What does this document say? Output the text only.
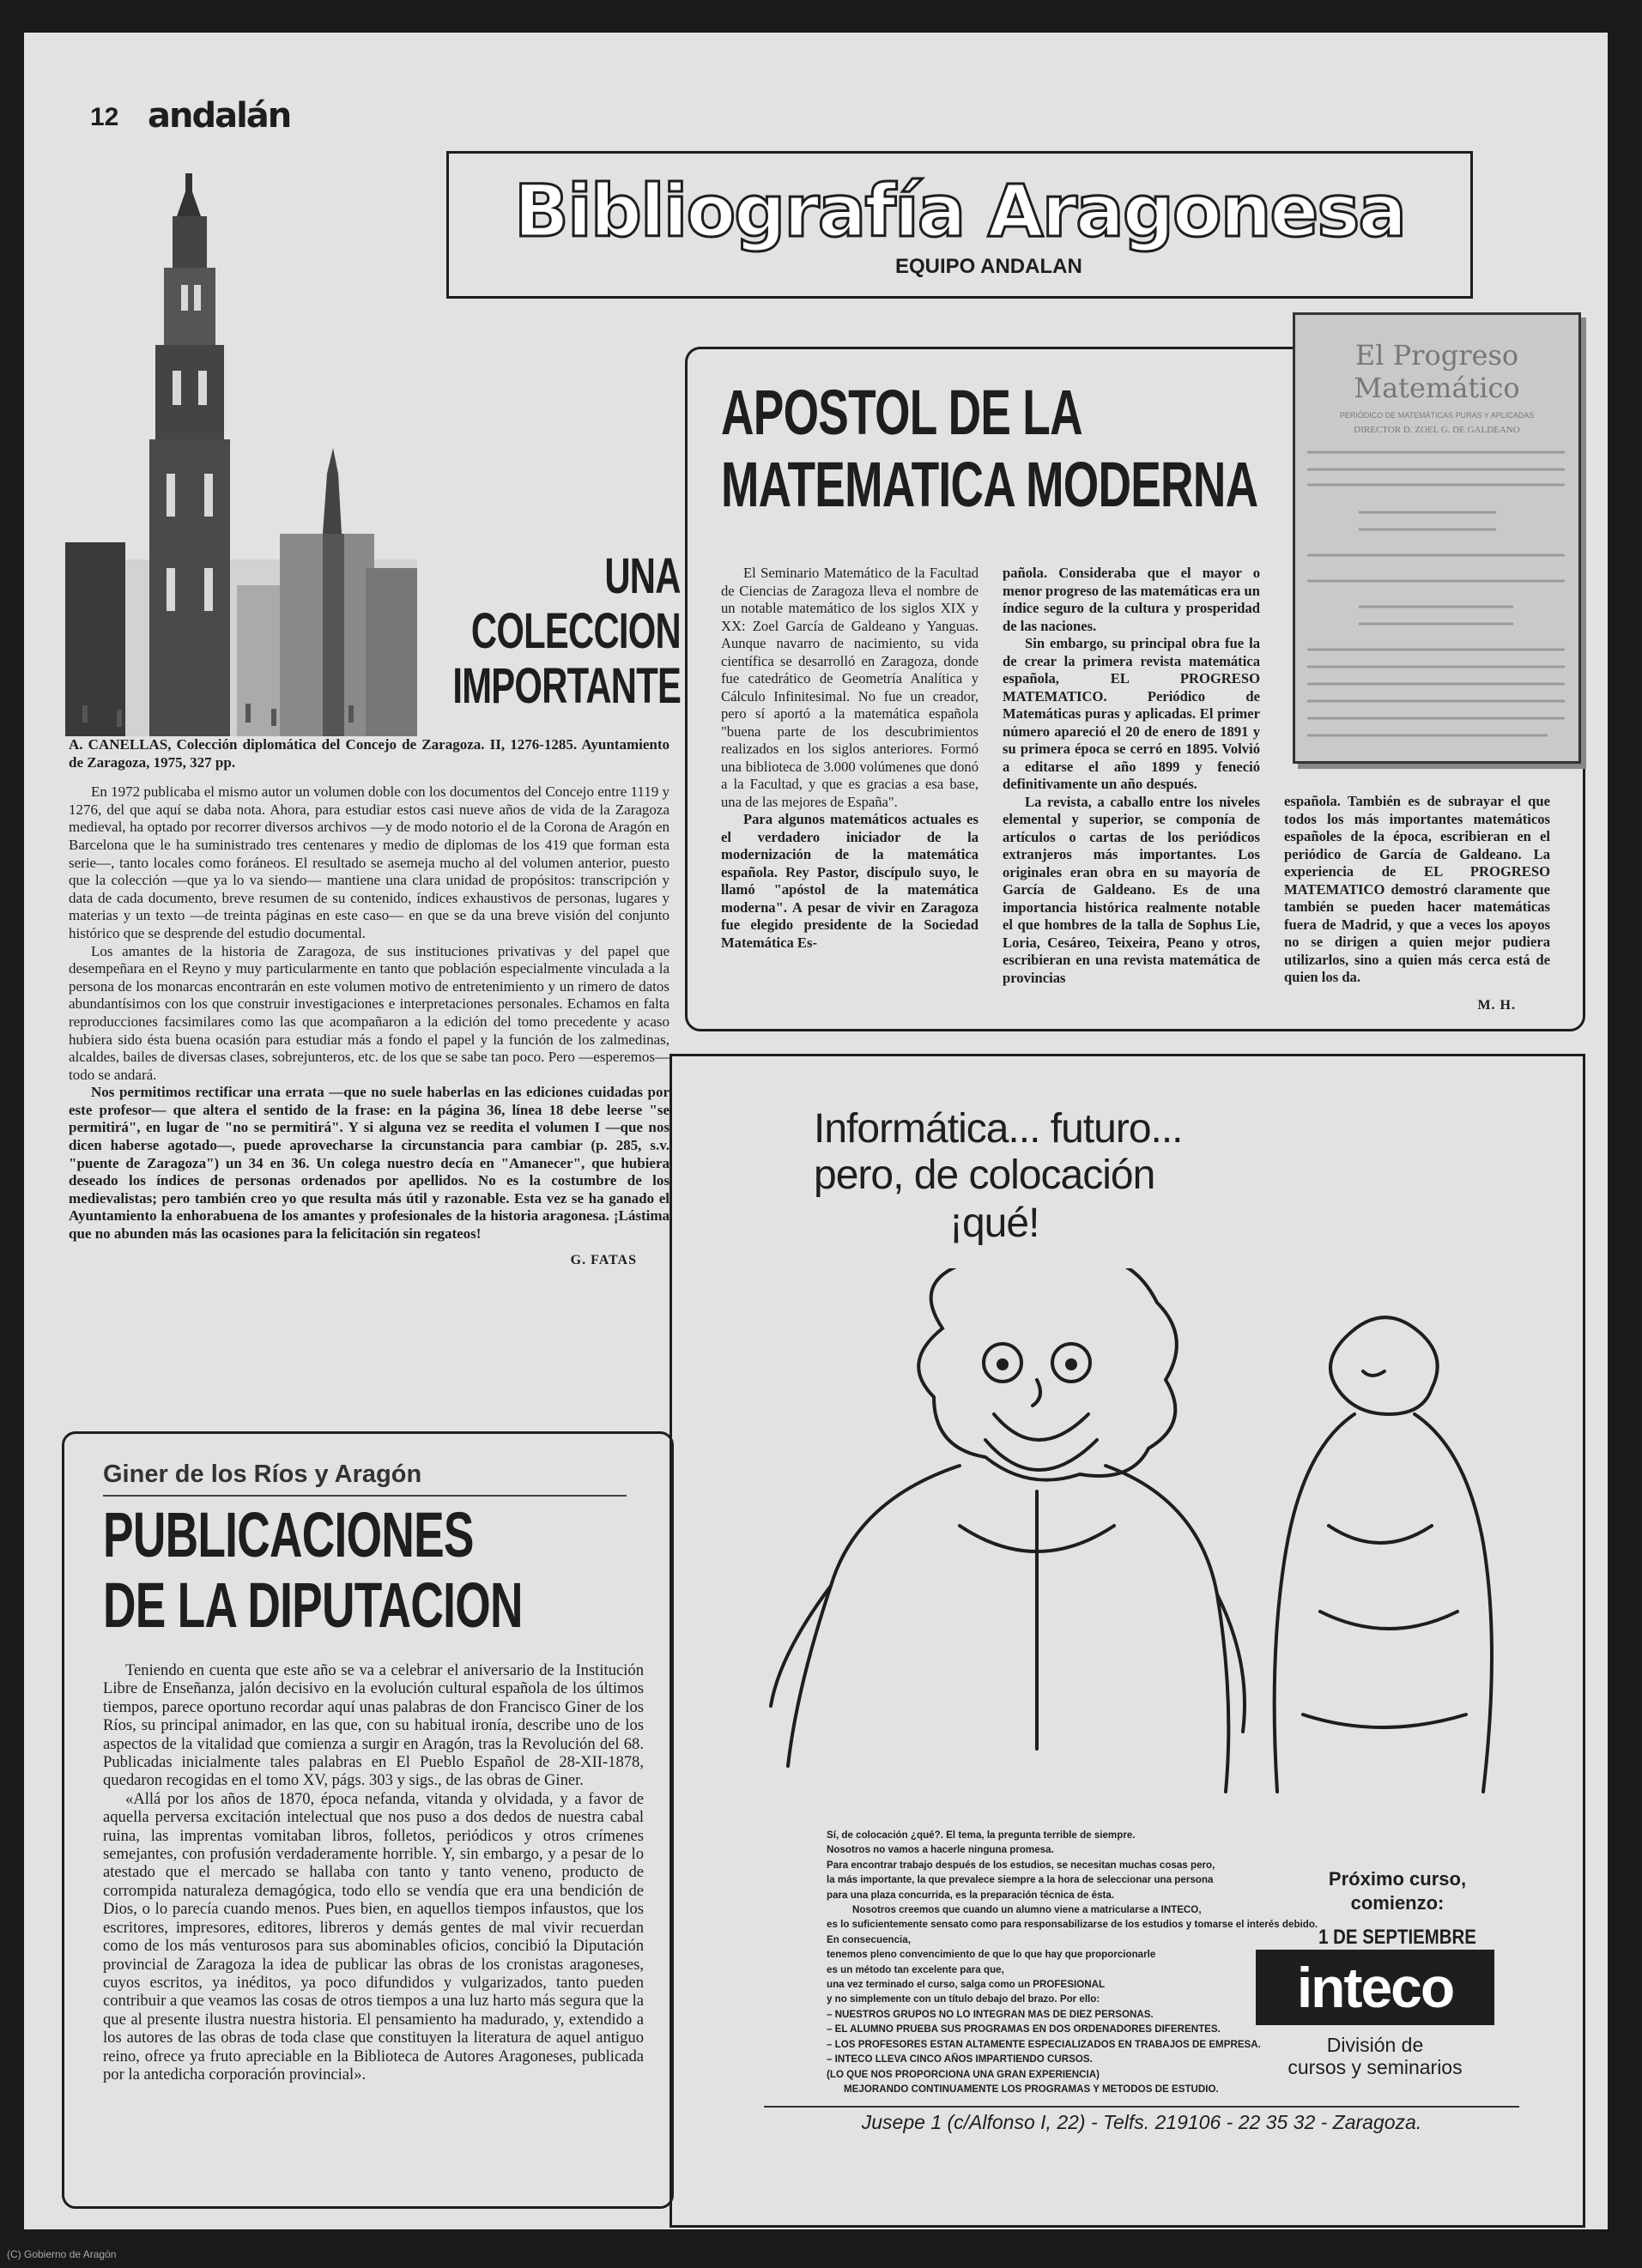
12 andalán
Bibliografía Aragonesa
EQUIPO ANDALAN
UNA
COLECCION
IMPORTANTE
A. CANELLAS, Colección diplomática del Concejo de Zaragoza. II, 1276-1285. Ayuntamiento de Zaragoza, 1975, 327 pp.

En 1972 publicaba el mismo autor un volumen doble con los documentos del Concejo entre 1119 y 1276, del que aquí se daba nota. Ahora, para estudiar estos casi nueve años de vida de la Zaragoza medieval, ha optado por recorrer diversos archivos —y de modo notorio el de la Corona de Aragón en Barcelona que le ha suministrado tres centenares y medio de diplomas de los 419 que forman esta serie—, tanto locales como foráneos. El resultado se asemeja mucho al del volumen anterior, puesto que la colección —que ya lo va siendo— mantiene una clara unidad de propósitos: transcripción y data de cada documento, breve resumen de su contenido, índices exhaustivos de personas, lugares y materias y un texto —de treinta páginas en este caso— en que se da una breve visión del conjunto histórico que se desprende del estudio documental.

Los amantes de la historia de Zaragoza, de sus instituciones privativas y del papel que desempeñara en el Reyno y muy particularmente en tanto que población especialmente vinculada a la persona de los monarcas encontrarán en este volumen motivo de entretenimiento y un rimero de datos abundantísimos con los que construir investigaciones e interpretaciones personales. Echamos en falta reproducciones facsimilares como las que acompañaron a la edición del tomo precedente y acaso hubiera sido ésta buena ocasión para estudiar más a fondo el papel y la función de los zalmedinas, alcaldes, bailes de diversas clases, sobrejunteros, etc. de los que se sabe tan poco. Pero —esperemos— todo se andará.

Nos permitimos rectificar una errata —que no suele haberlas en las ediciones cuidadas por este profesor— que altera el sentido de la frase: en la página 36, línea 18 debe leerse "se permitirá", en lugar de "no se permitirá". Y si alguna vez se reedita el volumen I —que nos dicen haberse agotado—, puede aprovecharse la circunstancia para cambiar (p. 285, s.v. "puente de Zaragoza") un 34 en 36. Un colega nuestro decía en "Amanecer", que hubiera deseado los índices de personas ordenados por apellidos. No es la costumbre de los medievalistas; pero también creo yo que resulta más útil y razonable. Esta vez se ha ganado el Ayuntamiento la enhorabuena de los amantes y profesionales de la historia aragonesa. ¡Lástima que no abunden más las ocasiones para la felicitación sin regateos!

G. FATAS
APOSTOL DE LA
MATEMATICA MODERNA
El Progreso Matemático
PERIÓDICO DE MATEMÁTICAS PURAS Y APLICADAS
DIRECTOR D. ZOEL G. DE GALDEANO

El Seminario Matemático de la Facultad de Ciencias de Zaragoza lleva el nombre de un notable matemático de los siglos XIX y XX: Zoel García de Galdeano y Yanguas. Aunque navarro de nacimiento, su vida científica se desarrolló en Zaragoza, donde fue catedrático de Geometría Analítica y Cálculo Infinitesimal. No fue un creador, pero sí aportó a la matemática española "buena parte de los descubrimientos realizados en los siglos anteriores. Formó una biblioteca de 3.000 volúmenes que donó a la Facultad, y que es gracias a esa base, una de las mejores de España".

Para algunos matemáticos actuales es el verdadero iniciador de la modernización de la matemática española. Rey Pastor, discípulo suyo, le llamó "apóstol de la matemática moderna". A pesar de vivir en Zaragoza fue elegido presidente de la Sociedad Matemática Es-

pañola. Consideraba que el mayor o menor progreso de las matemáticas era un índice seguro de la cultura y prosperidad de las naciones.

Sin embargo, su principal obra fue la de crear la primera revista matemática española, EL PROGRESO MATEMATICO. Periódico de Matemáticas puras y aplicadas. El primer número apareció el 20 de enero de 1891 y su primera época se cerró en 1895. Volvió a editarse el año 1899 y feneció definitivamente un año después.

La revista, a caballo entre los niveles elemental y superior, se componía de artículos o cartas de los periódicos extranjeros más importantes. Los originales eran obra en su mayoría de García de Galdeano. Es de una importancia histórica realmente notable el que hombres de la talla de Sophus Lie, Loria, Cesáreo, Teixeira, Peano y otros, escribieran en una revista matemática de provincias

española. También es de subrayar el que todos los más importantes matemáticos españoles de la época, escribieran en el periódico de García de Galdeano. La experiencia de EL PROGRESO MATEMATICO demostró claramente que también se pueden hacer matemáticas fuera de Madrid, y que a veces los apoyos no se dirigen a quien mejor pudiera utilizarlos, sino a quien más cerca está de quien los da.

M. H.
Giner de los Ríos y Aragón
PUBLICACIONES
DE LA DIPUTACION

Teniendo en cuenta que este año se va a celebrar el aniversario de la Institución Libre de Enseñanza, jalón decisivo en la evolución cultural española de los últimos tiempos, parece oportuno recordar aquí unas palabras de don Francisco Giner de los Ríos, su principal animador, en las que, con su habitual ironía, describe uno de los aspectos de la vitalidad que comienza a surgir en Aragón, tras la Revolución del 68. Publicadas inicialmente tales palabras en El Pueblo Español de 28-XII-1878, quedaron recogidas en el tomo XV, págs. 303 y sigs., de las obras de Giner.

«Allá por los años de 1870, época nefanda, vitanda y olvidada, y a favor de aquella perversa excitación intelectual que nos puso a dos dedos de nuestra cabal ruina, las imprentas vomitaban libros, folletos, periódicos y otros crímenes semejantes, con profusión verdaderamente horrible. Y, sin embargo, y a pesar de lo atestado que el mercado se hallaba con tanto y tanto veneno, producto de corrompida naturaleza demagógica, todo ello se vendía que era una bendición de Dios, o lo parecía cuando menos. Pues bien, en aquellos tiempos infaustos, que los escritores, impresores, editores, libreros y demás gentes de mal vivir recuerdan como de los más venturosos para sus abominables oficios, concibió la Diputación provincial de Zaragoza la idea de publicar las obras de los cronistas aragoneses, cuyos escritos, ya inéditos, ya poco difundidos y vulgarizados, tanto pueden contribuir a que veamos las cosas de otros tiempos a una luz harto más segura que la que al presente ilustra nuestra historia. El pensamiento ha madurado, y, extendido a los autores de las obras de toda clase que constituyen la literatura de aquel antiguo reino, ofrece ya fruto apreciable en la Biblioteca de Autores Aragoneses, publicada por la antedicha corporación provincial».

Informática... futuro...
pero, de colocación
¡qué!
Sí, de colocación ¿qué?. El tema, la pregunta terrible de siempre.
Nosotros no vamos a hacerle ninguna promesa.
Para encontrar trabajo después de los estudios, se necesitan muchas cosas pero,
la más importante, la que prevalece siempre a la hora de seleccionar una persona
para una plaza concurrida, es la preparación técnica de ésta.
Nosotros creemos que cuando un alumno viene a matricularse a INTECO,
es lo suficientemente sensato como para responsabilizarse de los estudios y tomarse el interés debido.
En consecuencia,
tenemos pleno convencimiento de que lo que hay que proporcionarle
es un método tan excelente para que,
una vez terminado el curso, salga como un PROFESIONAL
y no simplemente con un título debajo del brazo. Por ello:
– NUESTROS GRUPOS NO LO INTEGRAN MAS DE DIEZ PERSONAS.
– EL ALUMNO PRUEBA SUS PROGRAMAS EN DOS ORDENADORES DIFERENTES.
– LOS PROFESORES ESTAN ALTAMENTE ESPECIALIZADOS EN TRABAJOS DE EMPRESA.
– INTECO LLEVA CINCO AÑOS IMPARTIENDO CURSOS.
(LO QUE NOS PROPORCIONA UNA GRAN EXPERIENCIA)
MEJORANDO CONTINUAMENTE LOS PROGRAMAS Y METODOS DE ESTUDIO.
Próximo curso,
comienzo:
1 DE SEPTIEMBRE
inteco
División de
cursos y seminarios
Jusepe 1 (c/Alfonso I, 22) - Telfs. 219106 - 22 35 32 - Zaragoza.
(C) Gobierno de Aragón
